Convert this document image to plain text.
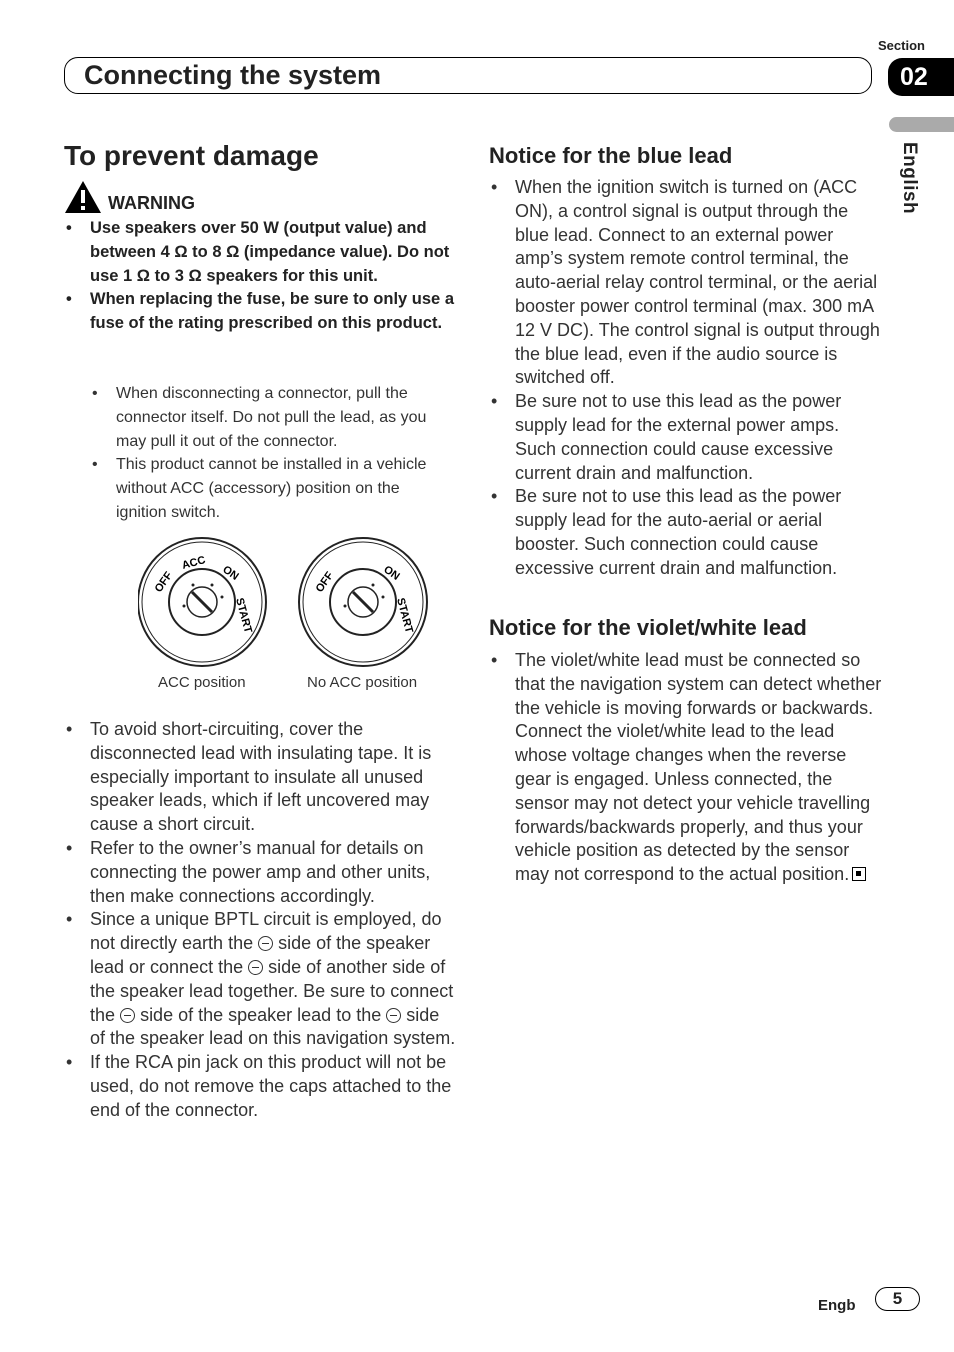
Section
02
Connecting the system
English
To prevent damage
WARNING
• Use speakers over 50 W (output value) and between 4 Ω to 8 Ω (impedance value). Do not use 1 Ω to 3 Ω speakers for this unit.
• When replacing the fuse, be sure to only use a fuse of the rating prescribed on this product.
• When disconnecting a connector, pull the connector itself. Do not pull the lead, as you may pull it out of the connector.
• This product cannot be installed in a vehicle without ACC (accessory) position on the ignition switch.
OFF
ACC
ON
START
OFF	ON
START
ACC position	No ACC position
• To avoid short-circuiting, cover the disconnected lead with insulating tape. It is especially important to insulate all unused speaker leads, which if left uncovered may cause a short circuit.
• Refer to the owner’s manual for details on connecting the power amp and other units, then make connections accordingly.
• Since a unique BPTL circuit is employed, do not directly earth the side of the speaker lead or connect the side of another side of the speaker lead together. Be sure to connect the side of the speaker lead to the side of the speaker lead on this navigation system.
• If the RCA pin jack on this product will not be used, do not remove the caps attached to the end of the connector.
Notice for the blue lead
• When the ignition switch is turned on (ACC ON), a control signal is output through the blue lead. Connect to an external power amp’s system remote control terminal, the auto-aerial relay control terminal, or the aerial booster power control terminal (max. 300 mA 12 V DC). The control signal is output through the blue lead, even if the audio source is switched off.
• Be sure not to use this lead as the power supply lead for the external power amps. Such connection could cause excessive current drain and malfunction.
• Be sure not to use this lead as the power supply lead for the auto-aerial or aerial booster. Such connection could cause excessive current drain and malfunction.
Notice for the violet/white lead
• The violet/white lead must be connected so that the navigation system can detect whether the vehicle is moving forwards or backwards. Connect the violet/white lead to the lead whose voltage changes when the reverse gear is engaged. Unless connected, the sensor may not detect your vehicle travelling forwards/backwards properly, and thus your vehicle position as detected by the sensor may not correspond to the actual position.
Engb	5
